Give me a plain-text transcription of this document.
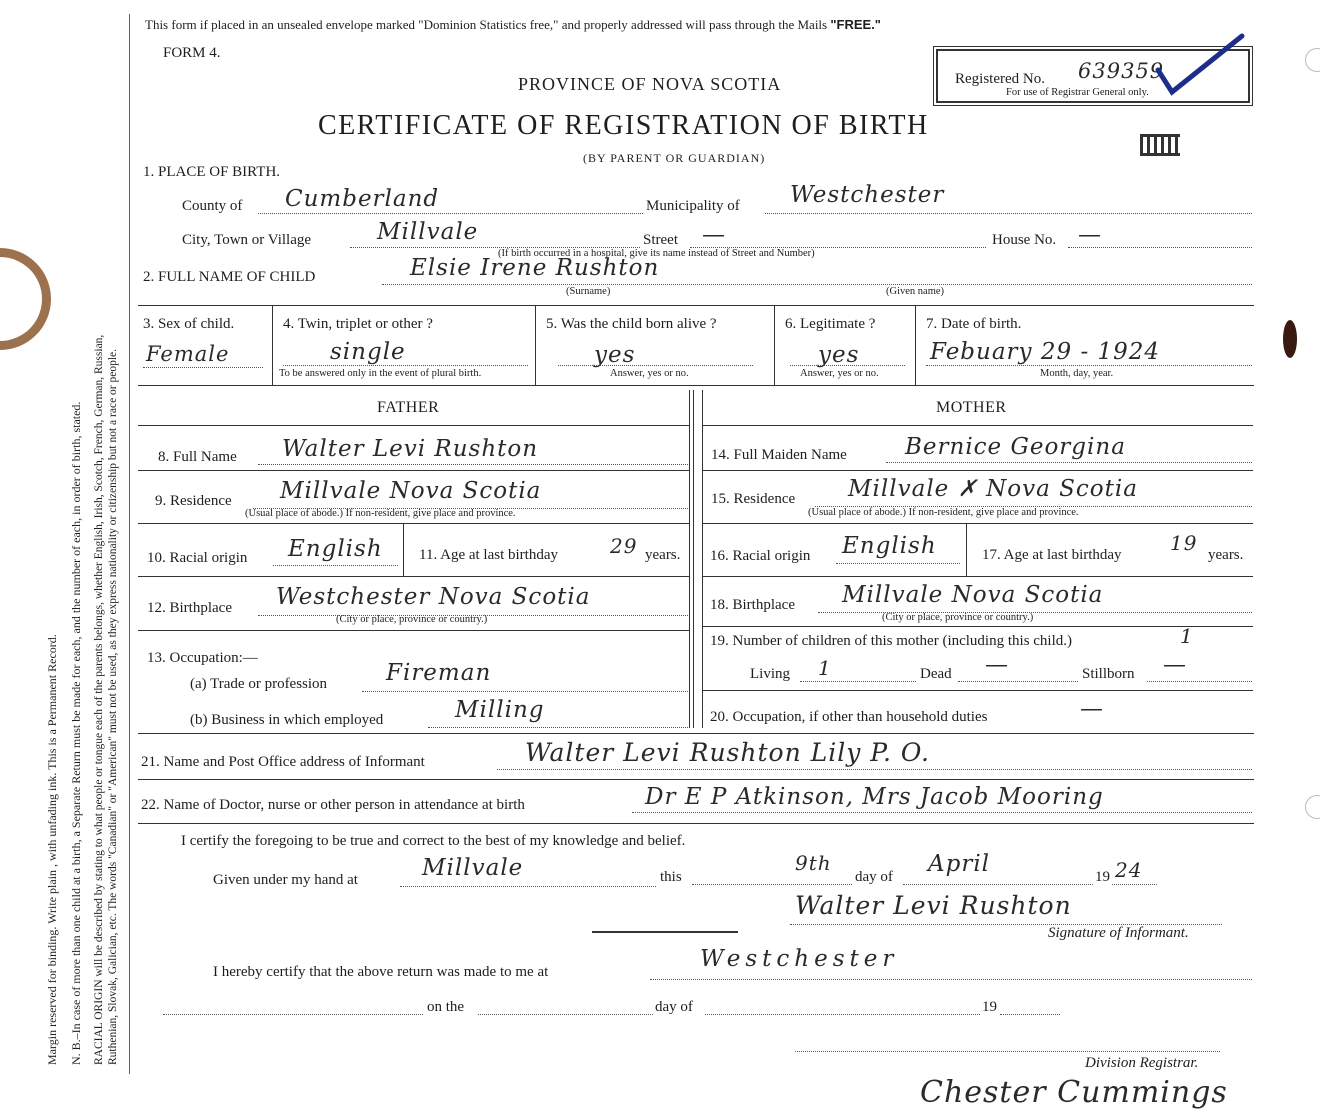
Margin reserved for binding. Write plain , with unfading ink. This is a Permanent Record. N. B.–In case of more than one child at a birth, a Separate Return must be made for each, and the number of each, in order of birth, stated. RACIAL ORIGIN will be described by stating to what people or tongue each of the parents belongs, whether English, Irish, Scotch, French, German, Russian, Ruthenian, Slovak, Galician, etc. The words "Canadian" or "American" must not be used, as they express nationality or citizenship but not a race or people.
This form if placed in an unsealed envelope marked "Dominion Statistics free," and properly addressed will pass through the Mails "FREE."
FORM 4.
PROVINCE OF NOVA SCOTIA
CERTIFICATE OF REGISTRATION OF BIRTH
(BY PARENT OR GUARDIAN)
Registered No. 639359
For use of Registrar General only.
1. PLACE OF BIRTH.
County of Cumberland	Municipality of Westchester
City, Town or Village	Millvale	Street —	House No. —
(If birth occurred in a hospital, give its name instead of Street and Number)
2. FULL NAME OF CHILD	Elsie Irene Rushton
(Surname)	(Given name)
3. Sex of child.
Female
4. Twin, triplet or other ?
single
To be answered only in the event of plural birth.
5. Was the child born alive ?
yes
Answer, yes or no.
6. Legitimate ?
yes
Answer, yes or no.
7. Date of birth.
Febuary 29 - 1924
Month, day, year.
FATHER	MOTHER
8. Full Name Walter Levi Rushton
9. Residence Millvale Nova Scotia
(Usual place of abode.) If non-resident, give place and province.
10. Racial origin English 11. Age at last birthday	29 years.
12. Birthplace Westchester Nova Scotia
(City or place, province or country.)
13. Occupation:—
(a) Trade or profession	Fireman
(b) Business in which employed	Milling
14. Full Maiden Name	Bernice Georgina
15. Residence Millvale ✗ Nova Scotia
(Usual place of abode.) If non-resident, give place and province.
16. Racial origin English	17. Age at last birthday 19 years.
18. Birthplace Millvale Nova Scotia
(City or place, province or country.)
19. Number of children of this mother (including this child.)	1
Living 1	Dead —	Stillborn —
20. Occupation, if other than household duties	—
21. Name and Post Office address of Informant	Walter Levi Rushton Lily P. O.
22. Name of Doctor, nurse or other person in attendance at birth	Dr E P Atkinson, Mrs Jacob Mooring
I certify the foregoing to be true and correct to the best of my knowledge and belief.
Given under my hand at	Millvale	this
9th
day of April	19 24
Walter Levi Rushton
Signature of Informant.
I hereby certify that the above return was made to me at	Westchester
on the	day of	19
Division Registrar.
Chester Cummings
